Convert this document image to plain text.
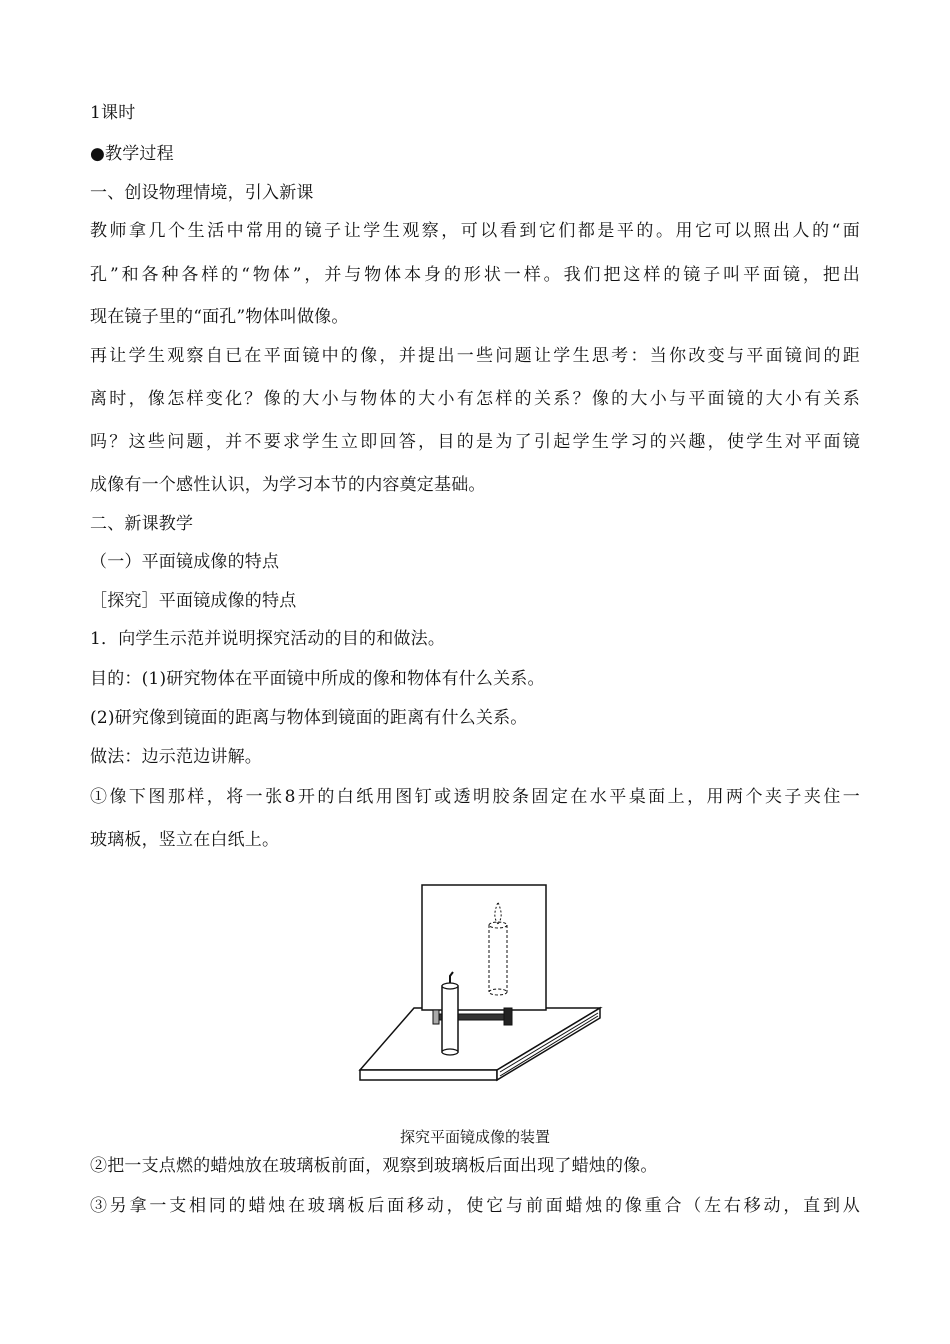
1课时
●教学过程
一、创设物理情境，引入新课
教师拿几个生活中常用的镜子让学生观察，可以看到它们都是平的。用它可以照出人的“面
孔”和各种各样的“物体”，并与物体本身的形状一样。我们把这样的镜子叫平面镜，把出
现在镜子里的“面孔”物体叫做像。
再让学生观察自已在平面镜中的像，并提出一些问题让学生思考：当你改变与平面镜间的距
离时，像怎样变化？像的大小与物体的大小有怎样的关系？像的大小与平面镜的大小有关系
吗？这些问题，并不要求学生立即回答，目的是为了引起学生学习的兴趣，使学生对平面镜
成像有一个感性认识，为学习本节的内容奠定基础。
二、新课教学
（一）平面镜成像的特点
［探究］平面镜成像的特点
1．向学生示范并说明探究活动的目的和做法。
目的：(1)研究物体在平面镜中所成的像和物体有什么关系。
(2)研究像到镜面的距离与物体到镜面的距离有什么关系。
做法：边示范边讲解。
①像下图那样，将一张8开的白纸用图钉或透明胶条固定在水平桌面上，用两个夹子夹住一
玻璃板，竖立在白纸上。
探究平面镜成像的装置
②把一支点燃的蜡烛放在玻璃板前面，观察到玻璃板后面出现了蜡烛的像。
③另拿一支相同的蜡烛在玻璃板后面移动，使它与前面蜡烛的像重合（左右移动，直到从
